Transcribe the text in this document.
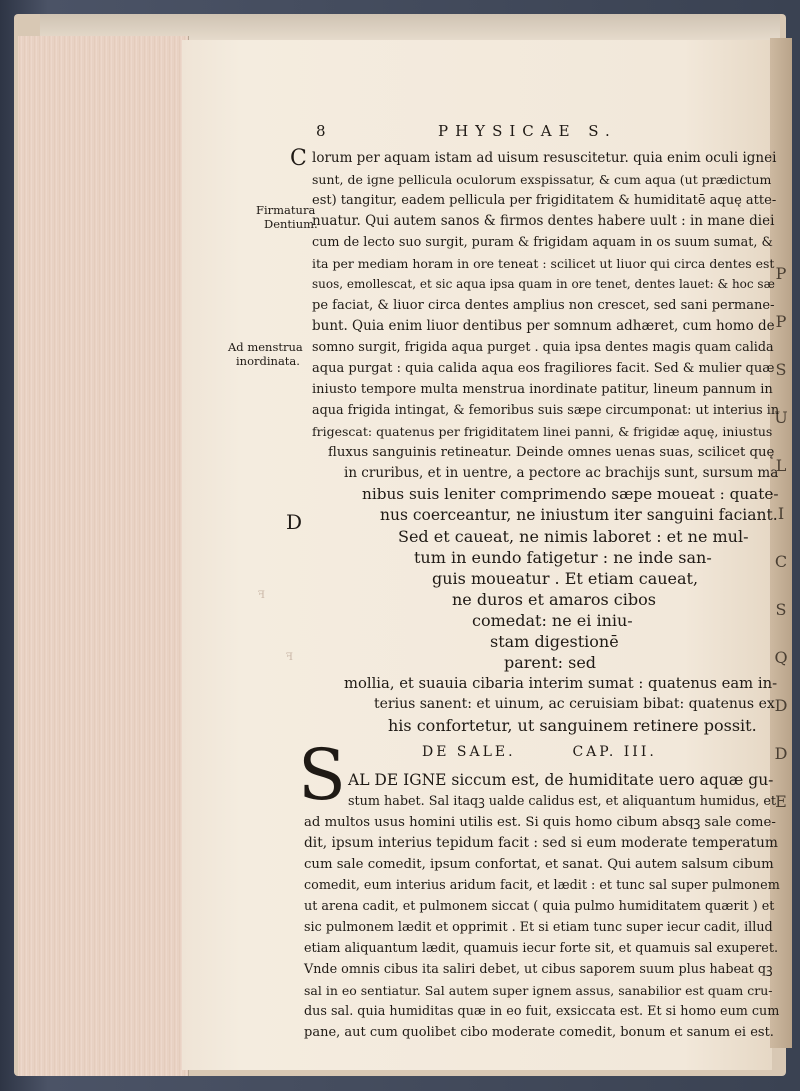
P
P
S
U
L
I
C
S
Q
D
D
E
8	PHYSICAE S.
Firmatura
Dentium.
Ad menstrua
inordinata.
ꟻ
ꟻ
C
D
lorum per aquam istam ad uisum resuscitetur. quia enim oculi ignei
sunt, de igne pellicula oculorum exspissatur, & cum aqua (ut prædictum
est) tangitur, eadem pellicula per frigiditatem & humiditatē aquę atte-
nuatur. Qui autem sanos & firmos dentes habere uult : in mane diei
cum de lecto suo surgit, puram & frigidam aquam in os suum sumat, &
ita per mediam horam in ore teneat : scilicet ut liuor qui circa dentes est
suos, emollescat, et sic aqua ipsa quam in ore tenet, dentes lauet: & hoc sæ
pe faciat, & liuor circa dentes amplius non crescet, sed sani permane-
bunt. Quia enim liuor dentibus per somnum adhæret, cum homo de
somno surgit, frigida aqua purget . quia ipsa dentes magis quam calida
aqua purgat : quia calida aqua eos fragiliores facit. Sed & mulier quæ
iniusto tempore multa menstrua inordinate patitur, lineum pannum in
aqua frigida intingat, & femoribus suis sæpe circumponat: ut interius in
frigescat: quatenus per frigiditatem linei panni, & frigidæ aquę, iniustus
fluxus sanguinis retineatur. Deinde omnes uenas suas, scilicet quę
in cruribus, et in uentre, a pectore ac brachijs sunt, sursum ma
nibus suis leniter comprimendo sæpe moueat : quate-
nus coerceantur, ne iniustum iter sanguini faciant.
Sed et caueat, ne nimis laboret : et ne mul-
tum in eundo fatigetur : ne inde san-
guis moueatur . Et etiam caueat,
ne duros et amaros cibos
comedat: ne ei iniu-
stam digestionē
parent: sed
mollia, et suauia cibaria interim sumat : quatenus eam in-
terius sanent: et uinum, ac ceruisiam bibat: quatenus ex
his confortetur, ut sanguinem retinere possit.
DE SALE.	CAP. III.
S AL DE IGNE siccum est, de humiditate uero aquæ gu-
stum habet. Sal itaqꝫ ualde calidus est, et aliquantum humidus, et
ad multos usus homini utilis est. Si quis homo cibum absqꝫ sale come-
dit, ipsum interius tepidum facit : sed si eum moderate temperatum
cum sale comedit, ipsum confortat, et sanat. Qui autem salsum cibum
comedit, eum interius aridum facit, et lædit : et tunc sal super pulmonem
ut arena cadit, et pulmonem siccat ( quia pulmo humiditatem quærit ) et
sic pulmonem lædit et opprimit . Et si etiam tunc super iecur cadit, illud
etiam aliquantum lædit, quamuis iecur forte sit, et quamuis sal exuperet.
Vnde omnis cibus ita saliri debet, ut cibus saporem suum plus habeat qꝫ
sal in eo sentiatur. Sal autem super ignem assus, sanabilior est quam cru-
dus sal. quia humiditas quæ in eo fuit, exsiccata est. Et si homo eum cum
pane, aut cum quolibet cibo moderate comedit, bonum et sanum ei est.
